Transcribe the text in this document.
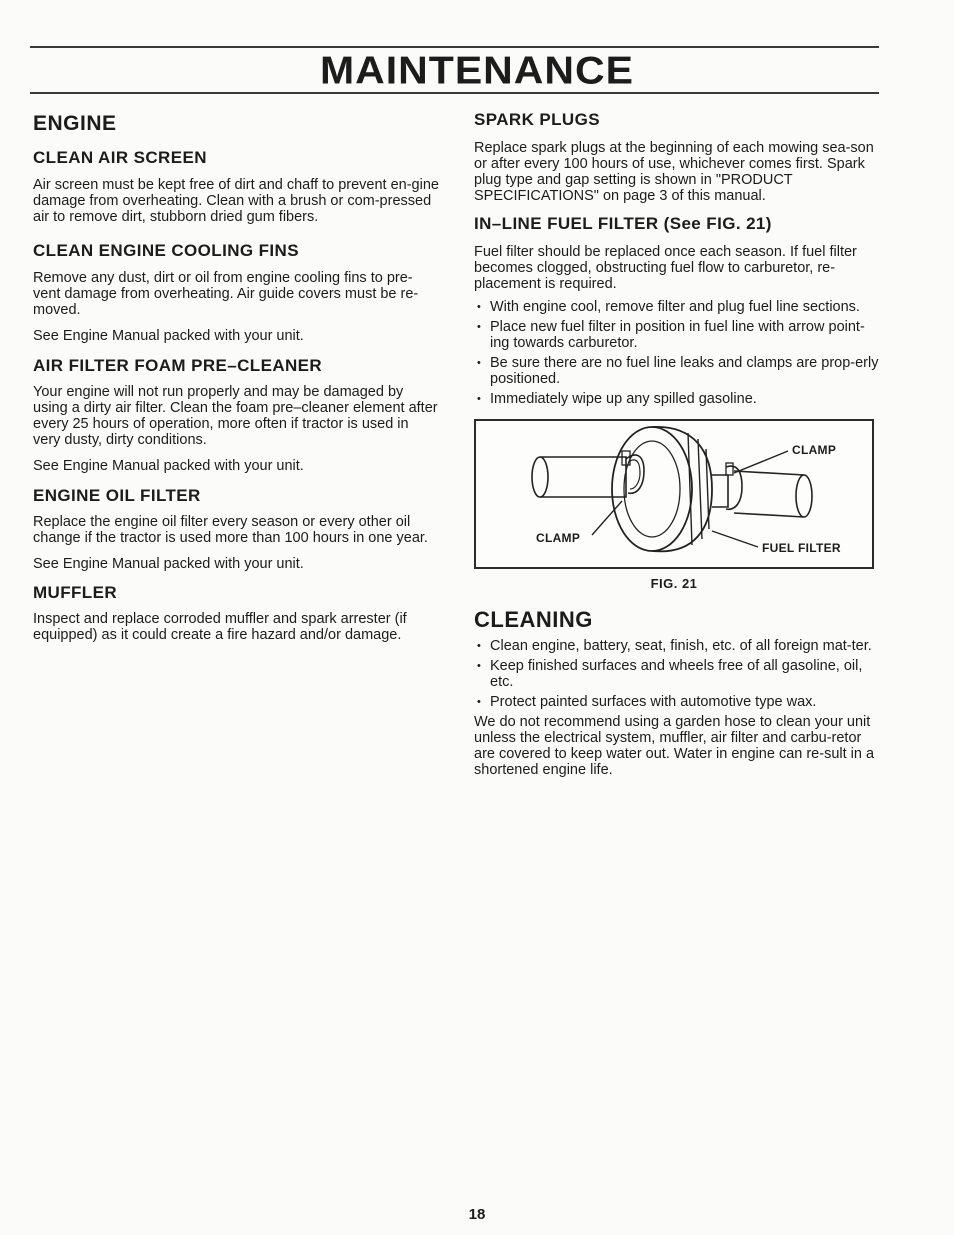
MAINTENANCE
ENGINE
CLEAN AIR SCREEN

Air screen must be kept free of dirt and chaff to prevent en-gine damage from overheating. Clean with a brush or com-pressed air to remove dirt, stubborn dried gum fibers.

CLEAN ENGINE COOLING FINS

Remove any dust, dirt or oil from engine cooling fins to pre-vent damage from overheating. Air guide covers must be re-moved.

See Engine Manual packed with your unit.

AIR FILTER FOAM PRE–CLEANER

Your engine will not run properly and may be damaged by using a dirty air filter. Clean the foam pre–cleaner element after every 25 hours of operation, more often if tractor is used in very dusty, dirty conditions.

See Engine Manual packed with your unit.

ENGINE OIL FILTER

Replace the engine oil filter every season or every other oil change if the tractor is used more than 100 hours in one year.

See Engine Manual packed with your unit.

MUFFLER

Inspect and replace corroded muffler and spark arrester (if equipped) as it could create a fire hazard and/or damage.

SPARK PLUGS

Replace spark plugs at the beginning of each mowing sea-son or after every 100 hours of use, whichever comes first. Spark plug type and gap setting is shown in "PRODUCT SPECIFICATIONS" on page 3 of this manual.

IN–LINE FUEL FILTER (See FIG. 21)

Fuel filter should be replaced once each season. If fuel filter becomes clogged, obstructing fuel flow to carburetor, re-placement is required.

• With engine cool, remove filter and plug fuel line sections.
• Place new fuel filter in position in fuel line with arrow point-ing towards carburetor.
• Be sure there are no fuel line leaks and clamps are prop-erly positioned.
• Immediately wipe up any spilled gasoline.
CLAMP
CLAMP
FUEL FILTER
FIG. 21
CLEANING
• Clean engine, battery, seat, finish, etc. of all foreign mat-ter.
• Keep finished surfaces and wheels free of all gasoline, oil, etc.
• Protect painted surfaces with automotive type wax.

We do not recommend using a garden hose to clean your unit unless the electrical system, muffler, air filter and carbu-retor are covered to keep water out. Water in engine can re-sult in a shortened engine life.

18
